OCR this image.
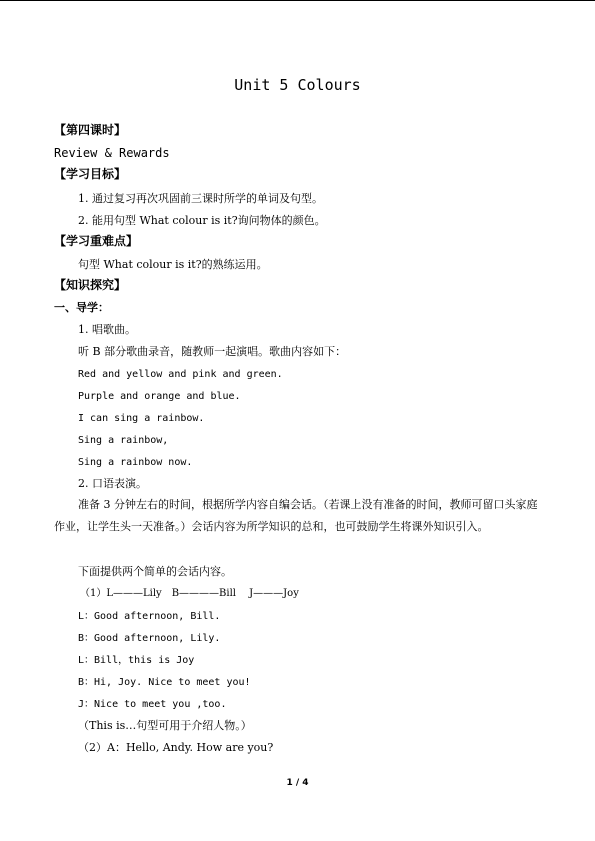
Unit 5 Colours
【第四课时】
Review & Rewards
【学习目标】
1. 通过复习再次巩固前三课时所学的单词及句型。
2. 能用句型 What colour is it?询问物体的颜色。
【学习重难点】
句型 What colour is it?的熟练运用。
【知识探究】
一、导学：
1. 唱歌曲。
听 B 部分歌曲录音，随教师一起演唱。歌曲内容如下：
Red and yellow and pink and green.
Purple and orange and blue.
I can sing a rainbow.
Sing a rainbow,
Sing a rainbow now.
2. 口语表演。
准备 3 分钟左右的时间，根据所学内容自编会话。（若课上没有准备的时间，教师可留口头家庭作业，让学生头一天准备。）会话内容为所学知识的总和，也可鼓励学生将课外知识引入。
下面提供两个简单的会话内容。
（1）L———Lily　B————Bill　 J———Joy
L：Good afternoon, Bill.
B：Good afternoon, Lily.
L：Bill，this is Joy
B：Hi, Joy. Nice to meet you!
J：Nice to meet you ,too.
（This is…句型可用于介绍人物。）
（2）A：Hello, Andy. How are you?
1 / 4
